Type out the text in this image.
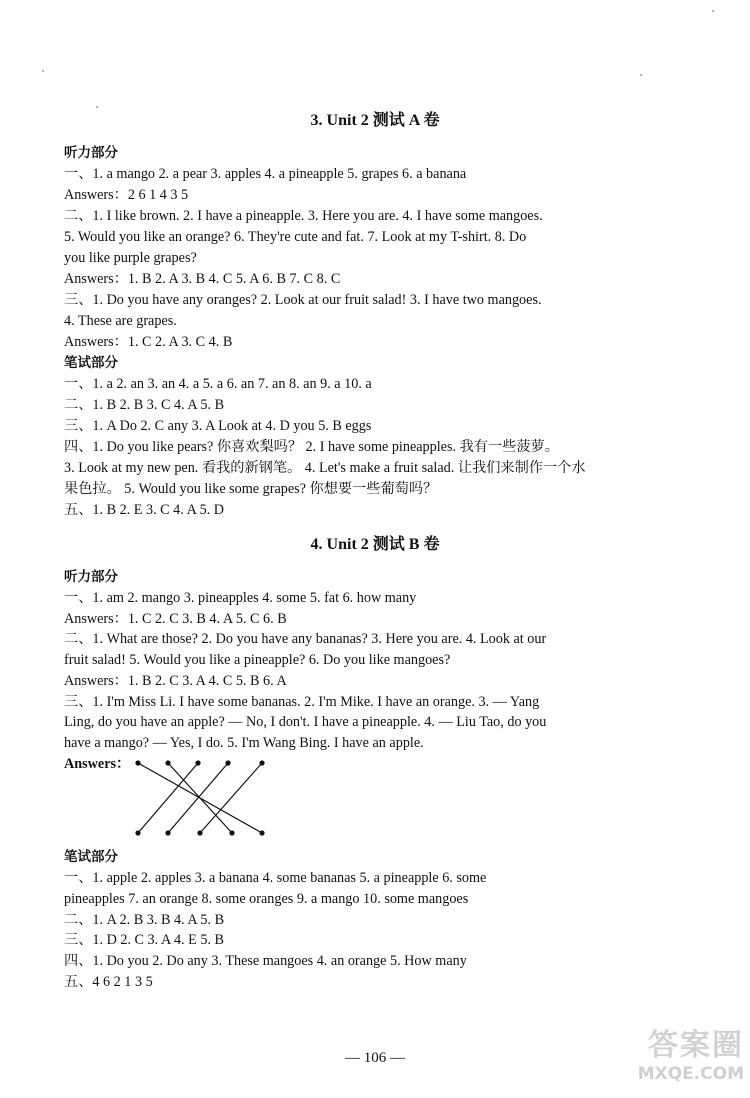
3. Unit 2 测试 A 卷
听力部分
一、1. a mango 2. a pear 3. apples 4. a pineapple 5. grapes 6. a banana
Answers：2 6 1 4 3 5
二、1. I like brown. 2. I have a pineapple. 3. Here you are. 4. I have some mangoes.
5. Would you like an orange? 6. They're cute and fat. 7. Look at my T-shirt. 8. Do
you like purple grapes?
Answers：1. B 2. A 3. B 4. C 5. A 6. B 7. C 8. C
三、1. Do you have any oranges? 2. Look at our fruit salad! 3. I have two mangoes.
4. These are grapes.
Answers：1. C 2. A 3. C 4. B
笔试部分
一、1. a 2. an 3. an 4. a 5. a 6. an 7. an 8. an 9. a 10. a
二、1. B 2. B 3. C 4. A 5. B
三、1. A Do 2. C any 3. A Look at 4. D you 5. B eggs
四、1. Do you like pears? 你喜欢梨吗？ 2. I have some pineapples. 我有一些菠萝。
3. Look at my new pen. 看我的新钢笔。 4. Let's make a fruit salad. 让我们来制作一个水
果色拉。 5. Would you like some grapes? 你想要一些葡萄吗？
五、1. B 2. E 3. C 4. A 5. D
4. Unit 2 测试 B 卷
听力部分
一、1. am 2. mango 3. pineapples 4. some 5. fat 6. how many
Answers：1. C 2. C 3. B 4. A 5. C 6. B
二、1. What are those? 2. Do you have any bananas? 3. Here you are. 4. Look at our
fruit salad! 5. Would you like a pineapple? 6. Do you like mangoes?
Answers：1. B 2. C 3. A 4. C 5. B 6. A
三、1. I'm Miss Li. I have some bananas. 2. I'm Mike. I have an orange. 3. — Yang
Ling, do you have an apple? — No, I don't. I have a pineapple. 4. — Liu Tao, do you
have a mango? — Yes, I do. 5. I'm Wang Bing. I have an apple.
Answers：
笔试部分
一、1. apple 2. apples 3. a banana 4. some bananas 5. a pineapple 6. some
pineapples 7. an orange 8. some oranges 9. a mango 10. some mangoes
二、1. A 2. B 3. B 4. A 5. B
三、1. D 2. C 3. A 4. E 5. B
四、1. Do you 2. Do any 3. These mangoes 4. an orange 5. How many
五、4 6 2 1 3 5
— 106 —	答案圈
MXQE.COM
